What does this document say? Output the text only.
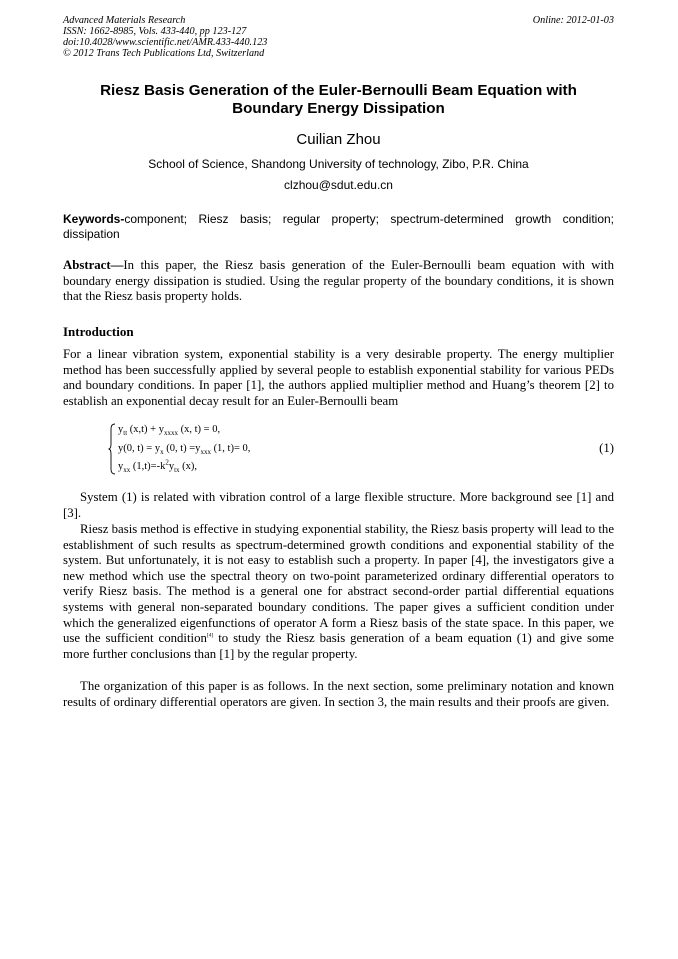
Advanced Materials Research
ISSN: 1662-8985, Vols. 433-440, pp 123-127
doi:10.4028/www.scientific.net/AMR.433-440.123
© 2012 Trans Tech Publications Ltd, Switzerland
Online: 2012-01-03
Riesz Basis Generation of the Euler-Bernoulli Beam Equation with Boundary Energy Dissipation
Cuilian Zhou
School of Science, Shandong University of technology, Zibo, P.R. China
clzhou@sdut.edu.cn
Keywords-component; Riesz basis; regular property; spectrum-determined growth condition; dissipation
Abstract—In this paper, the Riesz basis generation of the Euler-Bernoulli beam equation with with boundary energy dissipation is studied. Using the regular property of the boundary conditions, it is shown that the Riesz basis property holds.
Introduction

For a linear vibration system, exponential stability is a very desirable property. The energy multiplier method has been successfully applied by several people to establish exponential stability for various PEDs and boundary conditions. In paper [1], the authors applied multiplier method and Huang’s theorem [2] to establish an exponential decay result for an Euler-Bernoulli beam

$y_{tt}$ $(x,t) + y_{xxxx}$ (x, t) = 0,
y(0, $t) = y_x$ (0, $t) =y_{xxx}$ (1, t)= 0,
$y_{xx}$ $(1,t)=-k^2y_{tx}$ (x),
(1)

System (1) is related with vibration control of a large flexible structure. More background see [1] and [3].

Riesz basis method is effective in studying exponential stability, the Riesz basis property will lead to the establishment of such results as spectrum-determined growth conditions and exponential stability of the system. But unfortunately, it is not easy to establish such a property. In paper [4], the investigators give a new method which use the spectral theory on two-point parameterized ordinary differential operators to verify Riesz basis. The method is a general one for abstract second-order partial differential equations systems with general non-separated boundary conditions. The paper gives a sufficient condition under which the generalized eigenfunctions of operator A form a Riesz basis of the state space. In this paper, we use the sufficient condition[4] to study the Riesz basis generation of a beam equation (1) and give some more further conclusions than [1] by the regular property.

The organization of this paper is as follows. In the next section, some preliminary notation and known results of ordinary differential operators are given. In section 3, the main results and their proofs are given.
